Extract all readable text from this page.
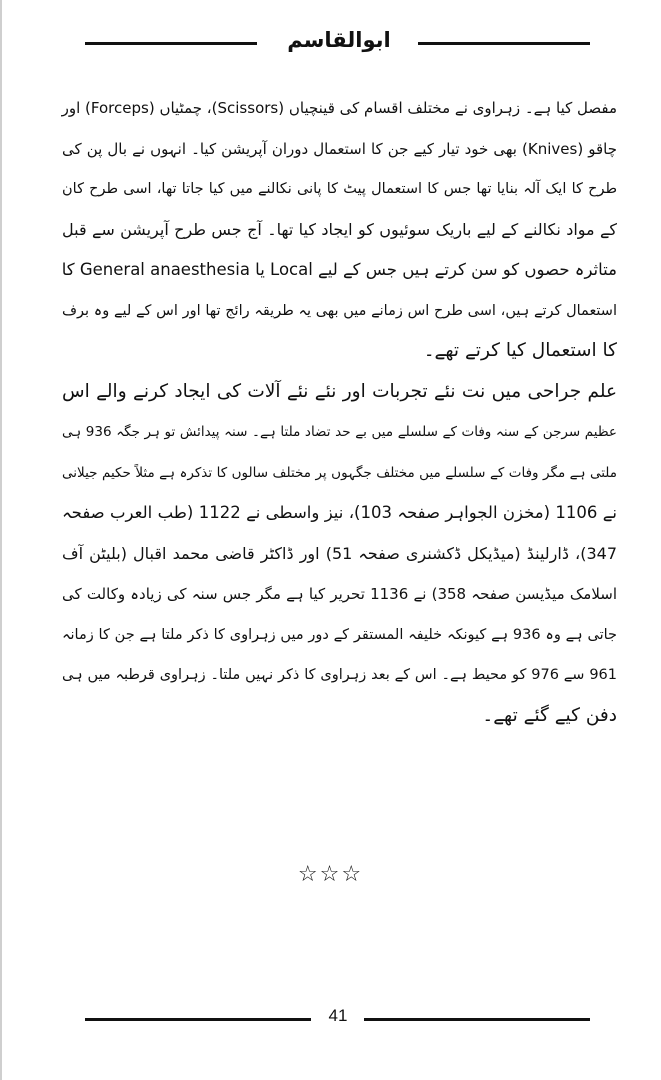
ابوالقاسم
مفصل کیا ہے۔ زہراوی نے مختلف اقسام کی قینچیاں (Scissors)، چمٹیاں (Forceps) اور
چاقو (Knives) بھی خود تیار کیے جن کا استعمال دوران آپریشن کیا۔ انہوں نے بال پن کی
طرح کا ایک آلہ بنایا تھا جس کا استعمال پیٹ کا پانی نکالنے میں کیا جاتا تھا، اسی طرح کان
کے مواد نکالنے کے لیے باریک سوئیوں کو ایجاد کیا تھا۔ آج جس طرح آپریشن سے قبل
متاثرہ حصوں کو سن کرتے ہیں جس کے لیے Local یا General anaesthesia کا
استعمال کرتے ہیں، اسی طرح اس زمانے میں بھی یہ طریقہ رائج تھا اور اس کے لیے وہ برف
کا استعمال کیا کرتے تھے۔
علم جراحی میں نت نئے تجربات اور نئے نئے آلات کی ایجاد کرنے والے اس
عظیم سرجن کے سنہ وفات کے سلسلے میں بے حد تضاد ملتا ہے۔ سنہ پیدائش تو ہر جگہ 936 ہی
ملتی ہے مگر وفات کے سلسلے میں مختلف جگہوں پر مختلف سالوں کا تذکرہ ہے مثلاً حکیم جیلانی
نے 1106 (مخزن الجواہر صفحہ 103)، نیز واسطی نے 1122 (طب العرب صفحہ
347)، ڈارلینڈ (میڈیکل ڈکشنری صفحہ 51) اور ڈاکٹر قاضی محمد اقبال (بلیٹن آف
اسلامک میڈیسن صفحہ 358) نے 1136 تحریر کیا ہے مگر جس سنہ کی زیادہ وکالت کی
جاتی ہے وہ 936 ہے کیونکہ خلیفہ المستقر کے دور میں زہراوی کا ذکر ملتا ہے جن کا زمانہ
961 سے 976 کو محیط ہے۔ اس کے بعد زہراوی کا ذکر نہیں ملتا۔ زہراوی قرطبہ میں ہی
دفن کیے گئے تھے۔
☆☆☆
41
